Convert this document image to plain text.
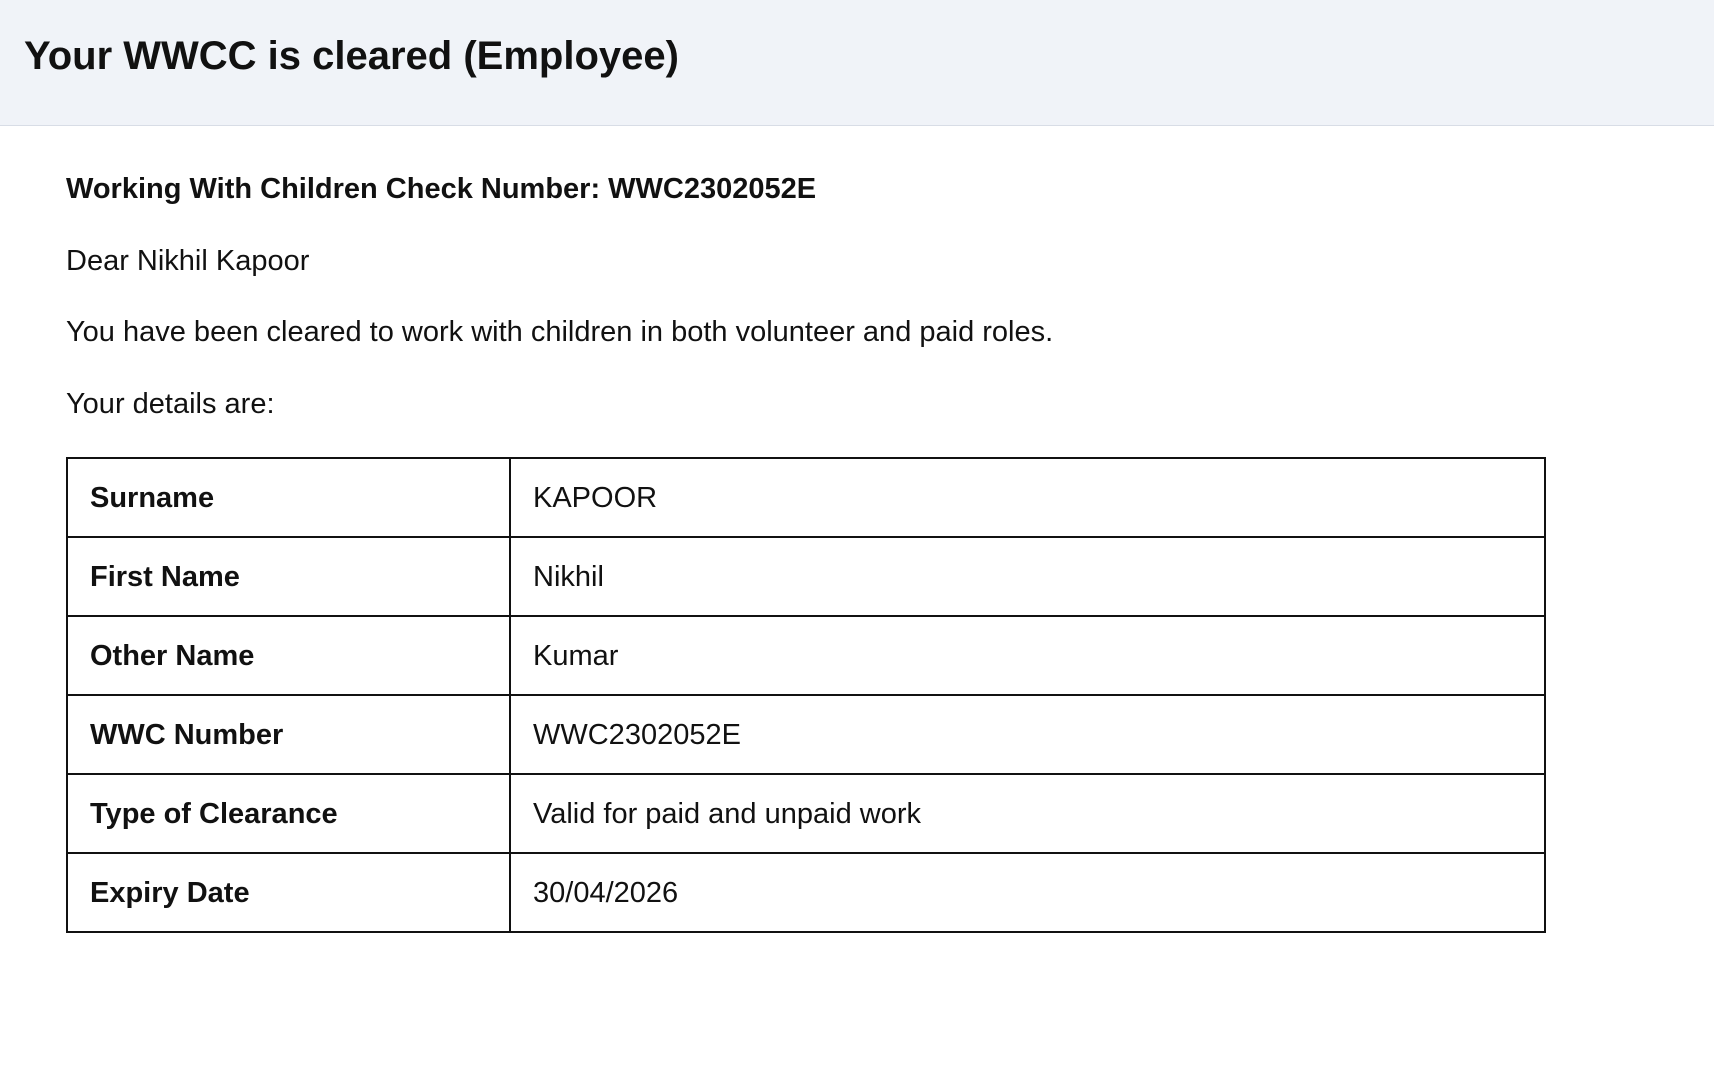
Your WWCC is cleared (Employee)

Working With Children Check Number: WWC2302052E

Dear Nikhil Kapoor

You have been cleared to work with children in both volunteer and paid roles.

Your details are:

Surname	KAPOOR
First Name	Nikhil
Other Name	Kumar
WWC Number	WWC2302052E
Type of Clearance	Valid for paid and unpaid work
Expiry Date	30/04/2026
